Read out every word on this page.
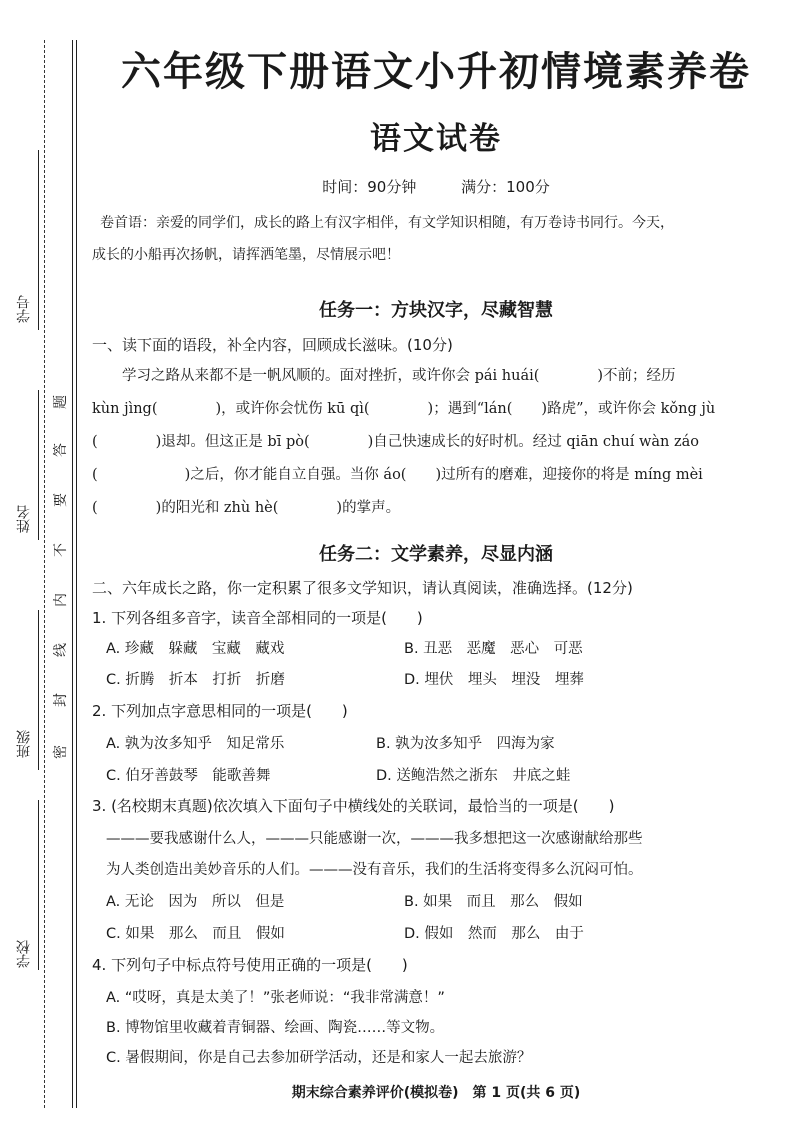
学号
姓名
班级
学校
题
答
要
不
内
线
封
密
六年级下册语文小升初情境素养卷
语文试卷
时间：90分钟	满分：100分
卷首语：亲爱的同学们，成长的路上有汉字相伴，有文学知识相随，有万卷诗书同行。今天，
成长的小船再次扬帆，请挥洒笔墨，尽情展示吧！
任务一：方块汉字，尽藏智慧
一、读下面的语段，补全内容，回顾成长滋味。(10分)
学习之路从来都不是一帆风顺的。面对挫折，或许你会 pái huái(　　　　)不前；经历
kùn jìng(　　　　)，或许你会忧伤 kū qì(　　　　)；遇到“lán(　　)路虎”，或许你会 kǒng jù
(　　　　)退却。但这正是 bī pò(　　　　)自己快速成长的好时机。经过 qiān chuí wàn záo
(　　　　　　)之后，你才能自立自强。当你 áo(　　)过所有的磨难，迎接你的将是 míng mèi
(　　　　)的阳光和 zhù hè(　　　　)的掌声。
任务二：文学素养，尽显内涵
二、六年成长之路，你一定积累了很多文学知识，请认真阅读，准确选择。(12分)
1. 下列各组多音字，读音全部相同的一项是(　　)
A. 珍藏　躲藏　宝藏　藏戏	B. 丑恶　恶魔　恶心　可恶
C. 折腾　折本　打折　折磨	D. 埋伏　埋头　埋没　埋葬
2. 下列加点字意思相同的一项是(　　)
A. 孰为汝多知乎　知足常乐	B. 孰为汝多知乎　四海为家
C. 伯牙善鼓琴　能歌善舞	D. 送鲍浩然之浙东　井底之蛙
3. (名校期末真题)依次填入下面句子中横线处的关联词，最恰当的一项是(　　)
———要我感谢什么人，———只能感谢一次，———我多想把这一次感谢献给那些
为人类创造出美妙音乐的人们。———没有音乐，我们的生活将变得多么沉闷可怕。
A. 无论　因为　所以　但是	B. 如果　而且　那么　假如
C. 如果　那么　而且　假如	D. 假如　然而　那么　由于
4. 下列句子中标点符号使用正确的一项是(　　)
A. “哎呀，真是太美了！”张老师说：“我非常满意！”
B. 博物馆里收藏着青铜器、绘画、陶瓷……等文物。
C. 暑假期间，你是自己去参加研学活动，还是和家人一起去旅游？
期末综合素养评价(模拟卷)　第 1 页(共 6 页)
